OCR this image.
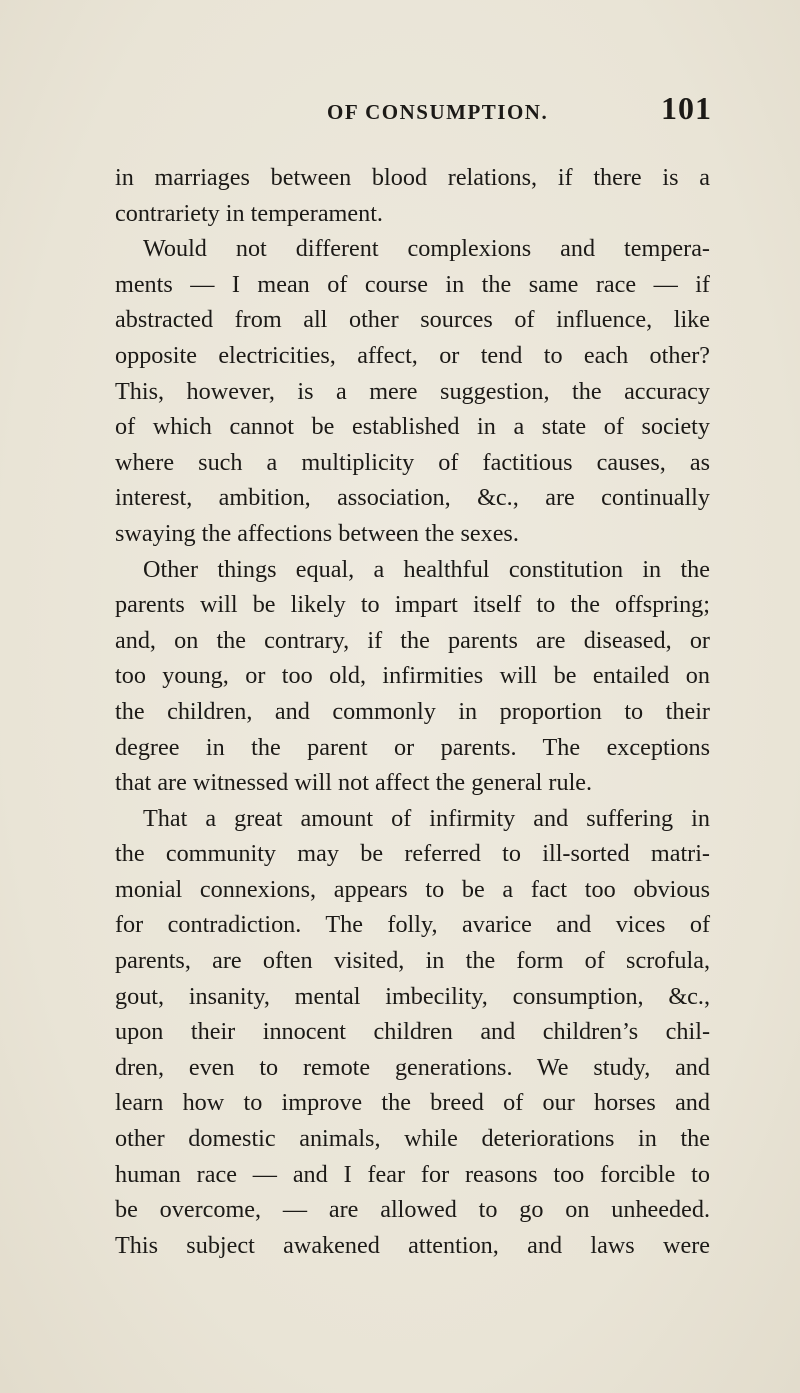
OF CONSUMPTION.	101
in marriages between blood relations, if there is a
contrariety in temperament.
Would not different complexions and tempera-
ments — I mean of course in the same race — if
abstracted from all other sources of influence, like
opposite electricities, affect, or tend to each other?
This, however, is a mere suggestion, the accuracy
of which cannot be established in a state of society
where such a multiplicity of factitious causes, as
interest, ambition, association, &c., are continually
swaying the affections between the sexes.
Other things equal, a healthful constitution in the
parents will be likely to impart itself to the offspring;
and, on the contrary, if the parents are diseased, or
too young, or too old, infirmities will be entailed on
the children, and commonly in proportion to their
degree in the parent or parents. The exceptions
that are witnessed will not affect the general rule.
That a great amount of infirmity and suffering in
the community may be referred to ill-sorted matri-
monial connexions, appears to be a fact too obvious
for contradiction. The folly, avarice and vices of
parents, are often visited, in the form of scrofula,
gout, insanity, mental imbecility, consumption, &c.,
upon their innocent children and children’s chil-
dren, even to remote generations. We study, and
learn how to improve the breed of our horses and
other domestic animals, while deteriorations in the
human race — and I fear for reasons too forcible to
be overcome, — are allowed to go on unheeded.
This subject awakened attention, and laws were
